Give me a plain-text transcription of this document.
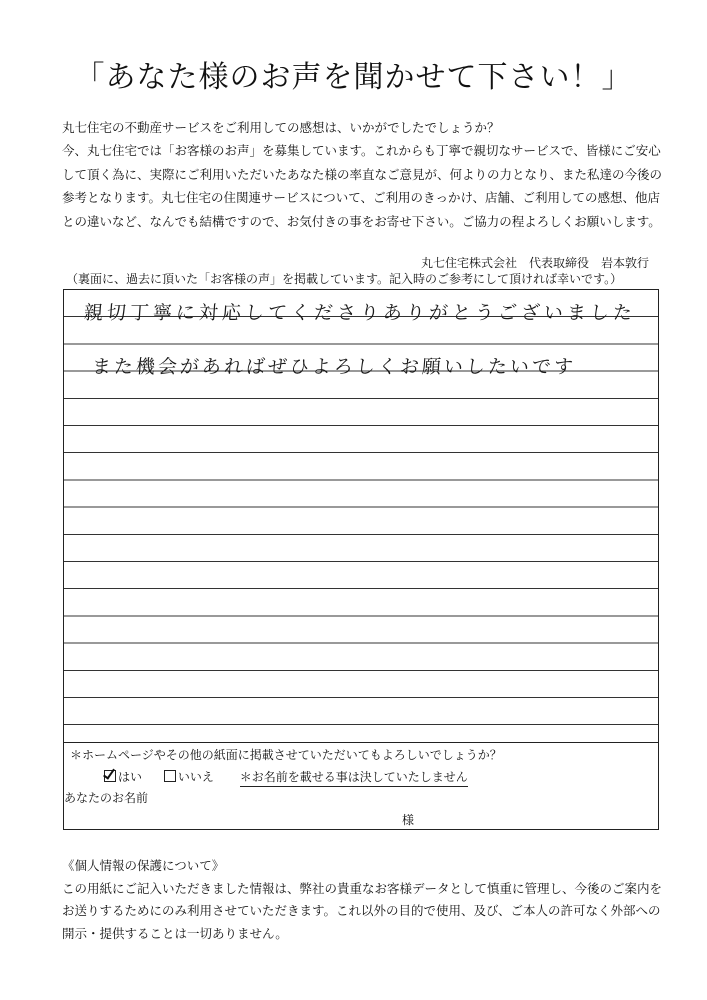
「あなた様のお声を聞かせて下さい！」
丸七住宅の不動産サービスをご利用しての感想は、いかがでしたでしょうか？
今、丸七住宅では「お客様のお声」を募集しています。これからも丁寧で親切なサービスで、皆様にご安心
して頂く為に、実際にご利用いただいたあなた様の率直なご意見が、何よりの力となり、また私達の今後の
参考となります。丸七住宅の住関連サービスについて、ご利用のきっかけ、店舗、ご利用しての感想、他店
との違いなど、なんでも結構ですので、お気付きの事をお寄せ下さい。ご協力の程よろしくお願いします。
丸七住宅株式会社　代表取締役　岩本敦行
（裏面に、過去に頂いた「お客様の声」を掲載しています。記入時のご参考にして頂ければ幸いです。）
親切丁寧に対応してくださりありがとうございました
また機会があればぜひよろしくお願いしたいです
＊ホームページやその他の紙面に掲載させていただいてもよろしいでしょうか？
はい	いいえ ＊お名前を載せる事は決していたしません
あなたのお名前
様
《個人情報の保護について》
この用紙にご記入いただきました情報は、弊社の貴重なお客様データとして慎重に管理し、今後のご案内を
お送りするためにのみ利用させていただきます。これ以外の目的で使用、及び、ご本人の許可なく外部への
開示・提供することは一切ありません。
